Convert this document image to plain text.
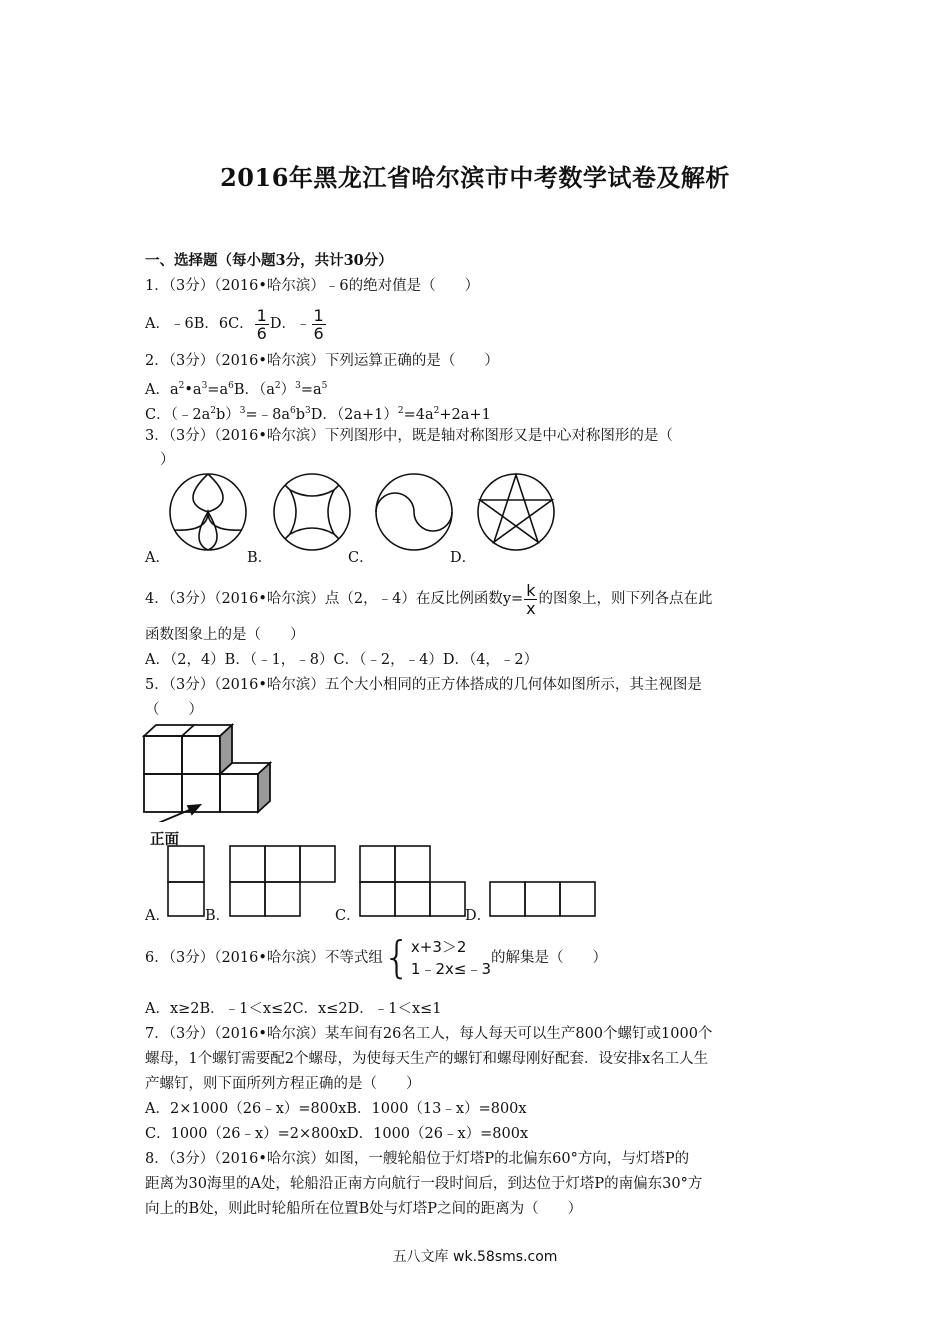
2016年黑龙江省哈尔滨市中考数学试卷及解析
一、选择题（每小题3分，共计30分）
1．（3分）（2016•哈尔滨）﹣6的绝对值是（　　）
A．﹣6B．6C． $\frac{1}{6}$ D．﹣ $\frac{1}{6}$
2．（3分）（2016•哈尔滨）下列运算正确的是（　　）
A．$a^2•a^3=a^6B$．$(a^2)^3=a^5$
C．$(﹣2a^2b)^3=﹣8a^6b^3D$．$(2a+1)^2=4a^2+2a+1$
3．（3分）（2016•哈尔滨）下列图形中，既是轴对称图形又是中心对称图形的是（
）
A．	B．	C．	D．
4．（3分）（2016•哈尔滨）点（2，﹣4）在反比例函数$y= \frac{k}{x}$ 的图象上，则下列各点在此
函数图象上的是（　　）
A．（2，4）B．（﹣1，﹣8）C．（﹣2，﹣4）D．（4，﹣2）
5．（3分）（2016•哈尔滨）五个大小相同的正方体搭成的几何体如图所示，其主视图是
（　　）
正面
A． B．	C．	D．
6．（3分）（2016•哈尔滨）不等式组 { x+3＞2
1﹣2x≤﹣3
的解集是（　　）
A．x≥2B．﹣1＜x≤2C．x≤2D．﹣1＜x≤1
7．（3分）（2016•哈尔滨）某车间有26名工人，每人每天可以生产800个螺钉或1000个
螺母，1个螺钉需要配2个螺母，为使每天生产的螺钉和螺母刚好配套．设安排x名工人生
产螺钉，则下面所列方程正确的是（　　）
A．2×1000（26﹣x）=800xB．1000（13﹣x）=800x
C．1000（26﹣x）=2×800xD．1000（26﹣x）=800x
8．（3分）（2016•哈尔滨）如图，一艘轮船位于灯塔P的北偏东60°方向，与灯塔P的
距离为30海里的A处，轮船沿正南方向航行一段时间后，到达位于灯塔P的南偏东30°方
向上的B处，则此时轮船所在位置B处与灯塔P之间的距离为（　　）
五八文库 wk.58sms.com
